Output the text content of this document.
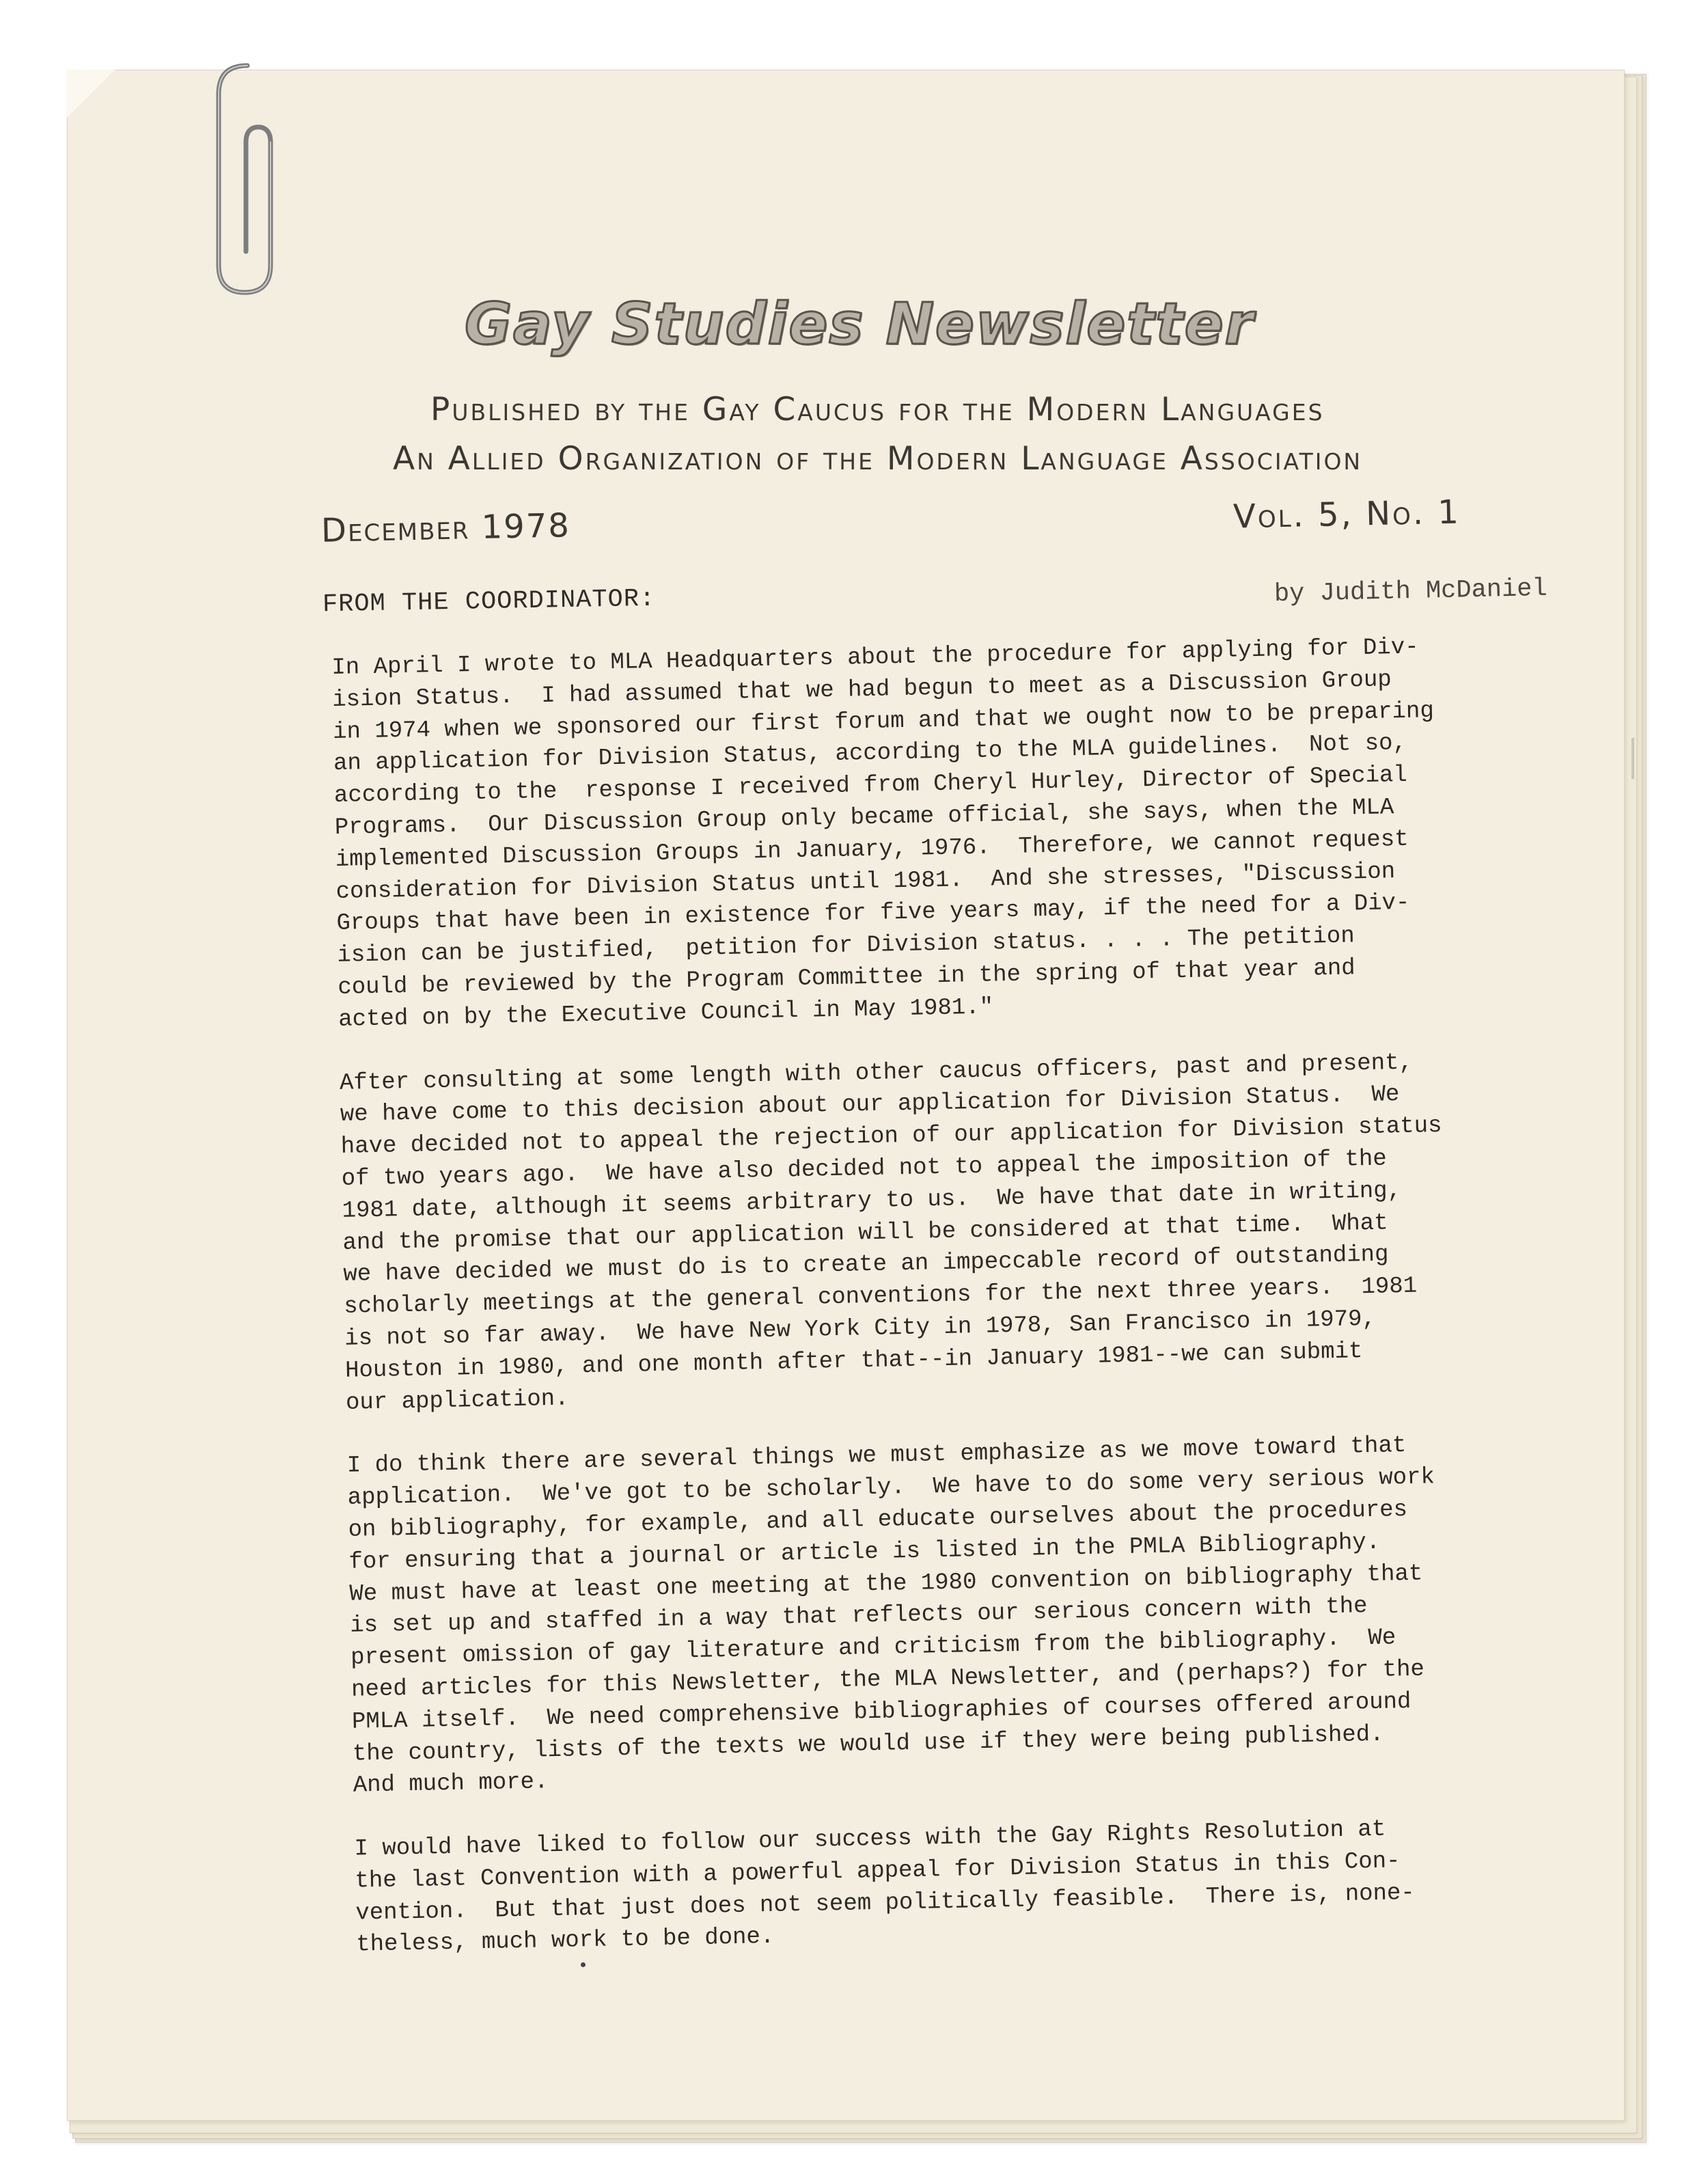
Gay Studies Newsletter
Published by the Gay Caucus for the Modern Languages
An Allied Organization of the Modern Language Association
December 1978	Vol. 5, No. 1
FROM THE COORDINATOR:	by Judith McDaniel

In April I wrote to MLA Headquarters about the procedure for applying for Div-
ision Status.  I had assumed that we had begun to meet as a Discussion Group
in 1974 when we sponsored our first forum and that we ought now to be preparing
an application for Division Status, according to the MLA guidelines.  Not so,
according to the  response I received from Cheryl Hurley, Director of Special
Programs.  Our Discussion Group only became official, she says, when the MLA
implemented Discussion Groups in January, 1976.  Therefore, we cannot request
consideration for Division Status until 1981.  And she stresses, "Discussion
Groups that have been in existence for five years may, if the need for a Div-
ision can be justified,  petition for Division status. . . . The petition
could be reviewed by the Program Committee in the spring of that year and
acted on by the Executive Council in May 1981."

After consulting at some length with other caucus officers, past and present,
we have come to this decision about our application for Division Status.  We
have decided not to appeal the rejection of our application for Division status
of two years ago.  We have also decided not to appeal the imposition of the
1981 date, although it seems arbitrary to us.  We have that date in writing,
and the promise that our application will be considered at that time.  What
we have decided we must do is to create an impeccable record of outstanding
scholarly meetings at the general conventions for the next three years.  1981
is not so far away.  We have New York City in 1978, San Francisco in 1979,
Houston in 1980, and one month after that--in January 1981--we can submit
our application.

I do think there are several things we must emphasize as we move toward that
application.  We've got to be scholarly.  We have to do some very serious work
on bibliography, for example, and all educate ourselves about the procedures
for ensuring that a journal or article is listed in the PMLA Bibliography.
We must have at least one meeting at the 1980 convention on bibliography that
is set up and staffed in a way that reflects our serious concern with the
present omission of gay literature and criticism from the bibliography.  We
need articles for this Newsletter, the MLA Newsletter, and (perhaps?) for the
PMLA itself.  We need comprehensive bibliographies of courses offered around
the country, lists of the texts we would use if they were being published.
And much more.

I would have liked to follow our success with the Gay Rights Resolution at
the last Convention with a powerful appeal for Division Status in this Con-
vention.  But that just does not seem politically feasible.  There is, none-
theless, much work to be done.
